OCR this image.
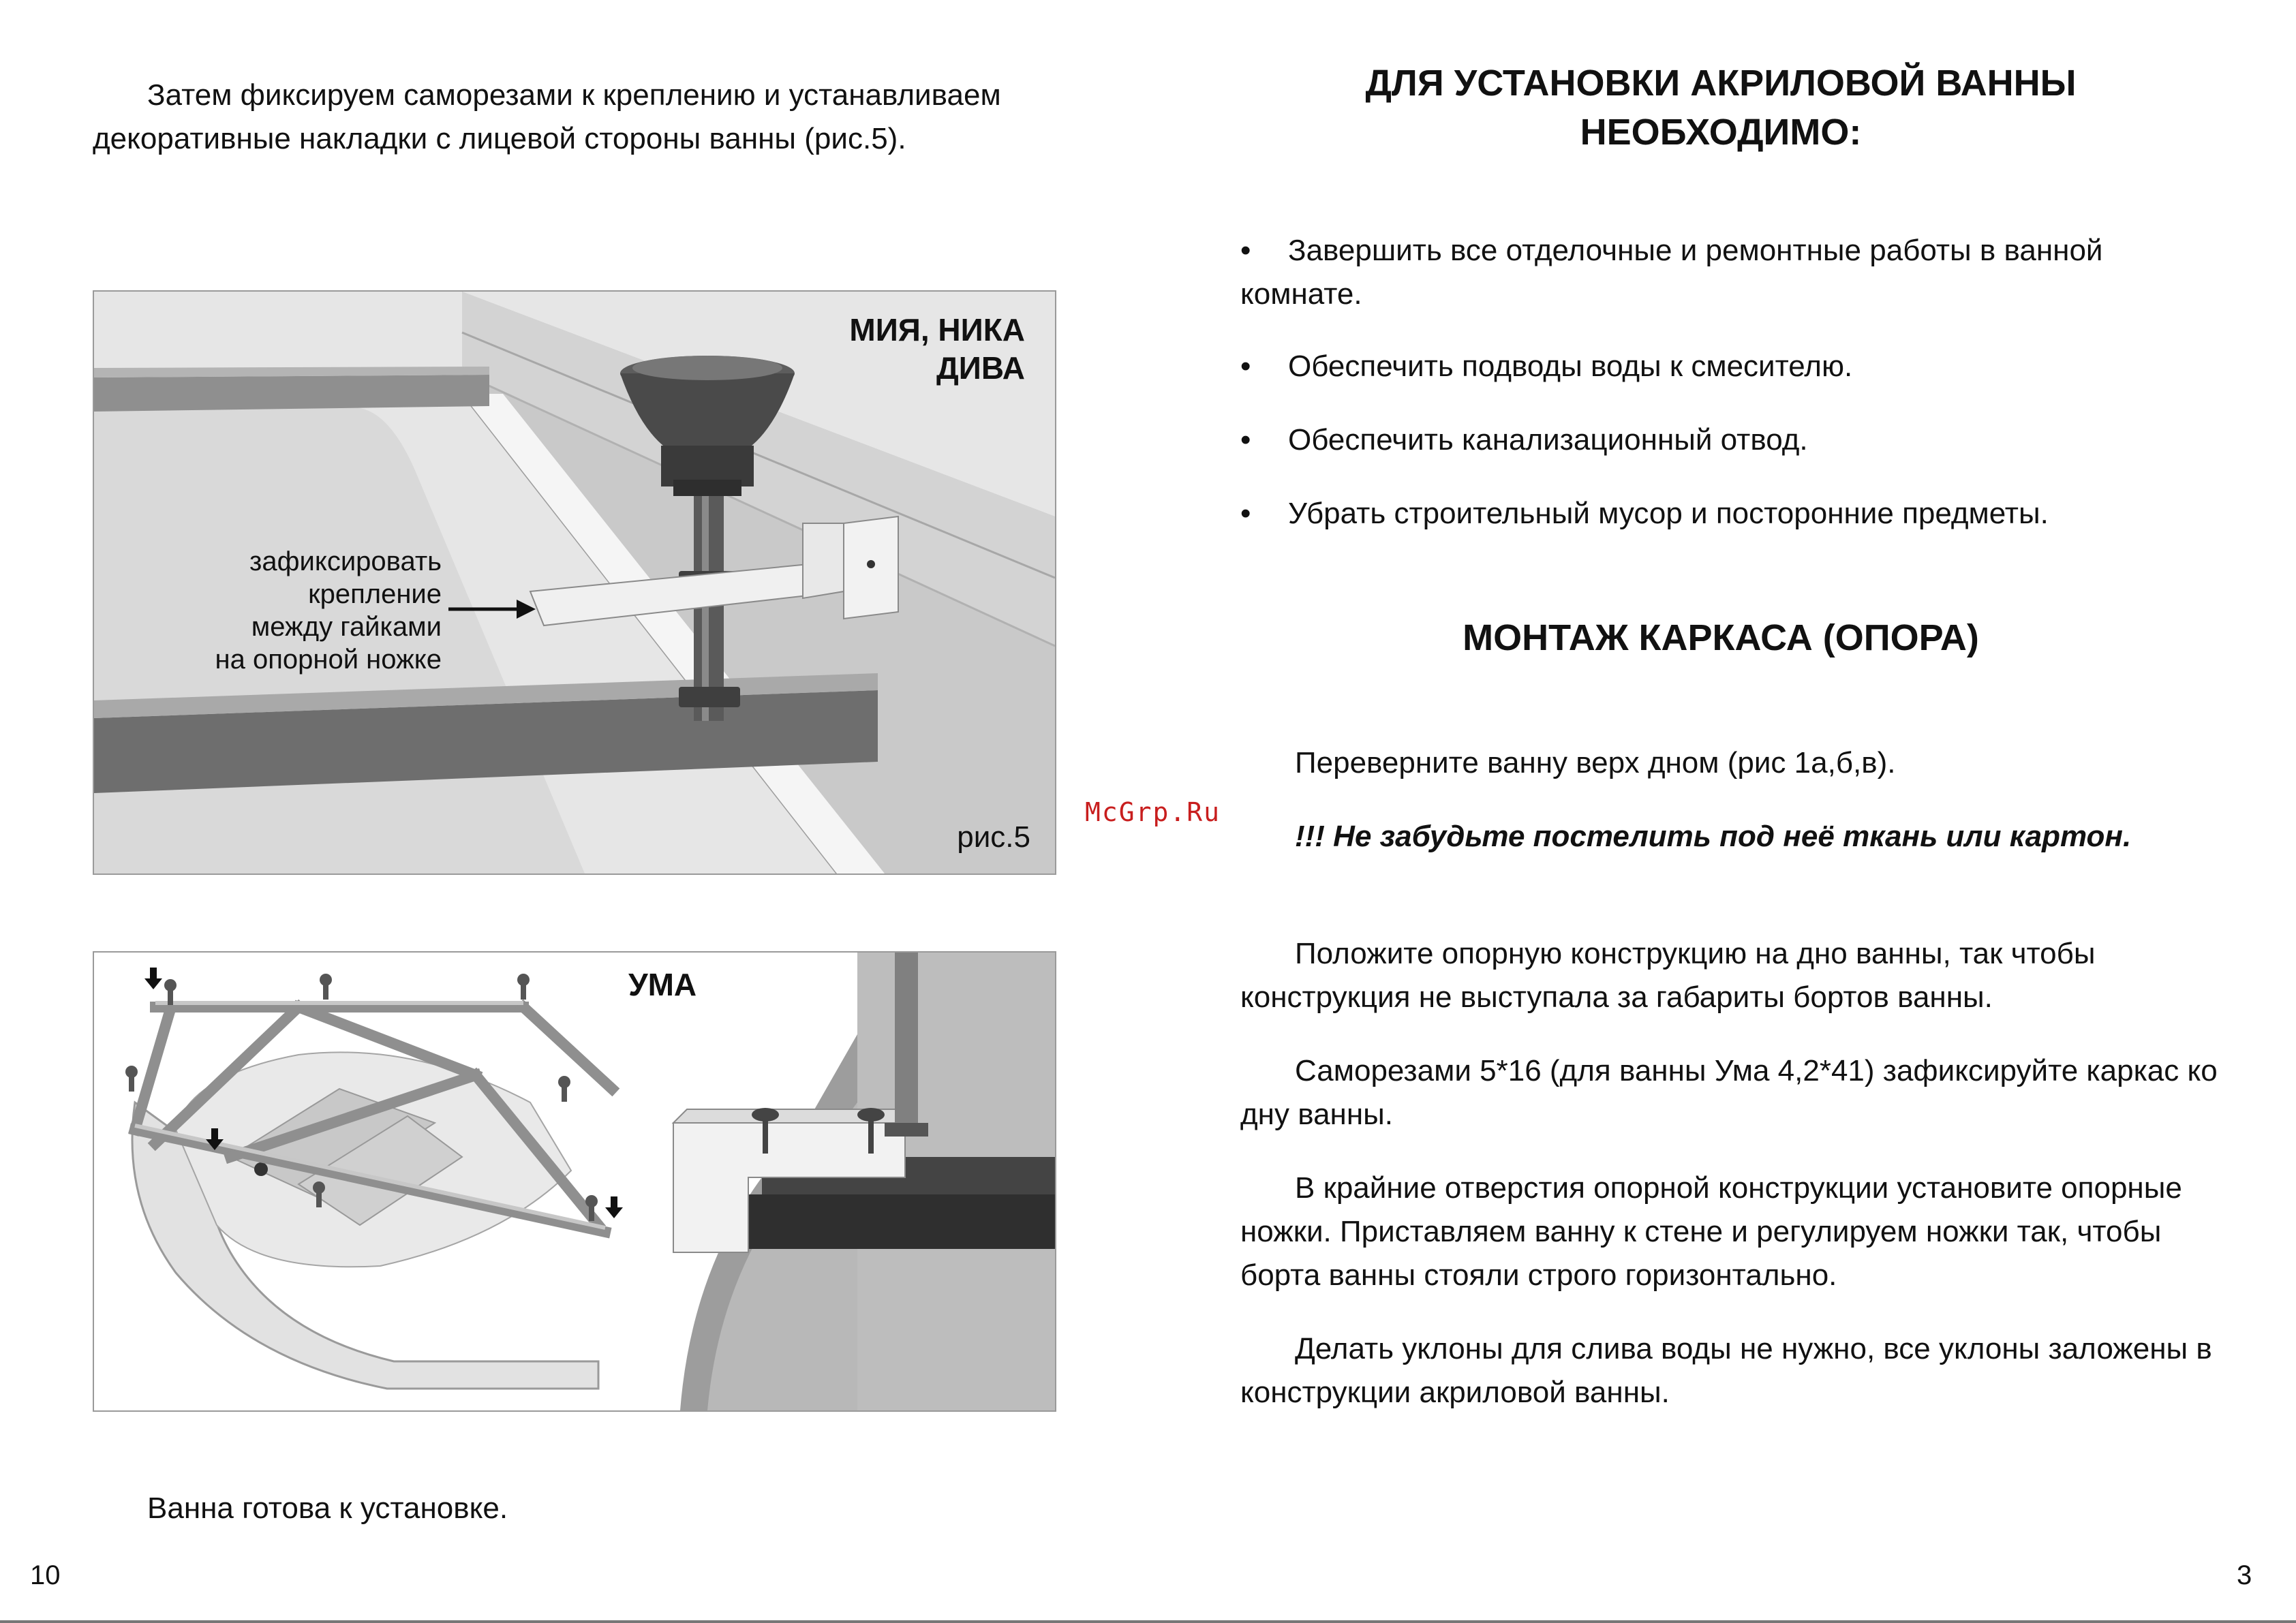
Затем фиксируем саморезами к креплению и устанавливаем декоративные накладки с лицевой стороны ванны (рис.5).
МИЯ, НИКА
ДИВА
зафиксировать
крепление
между гайками
на опорной ножке
рис.5
УМА
Ванна готова к установке.
10
McGrp.Ru
ДЛЯ УСТАНОВКИ АКРИЛОВОЙ ВАННЫ
НЕОБХОДИМО:
•	Завершить все отделочные и ремонтные работы в ванной комнате.
•	Обеспечить подводы воды к смесителю.
•	Обеспечить канализационный отвод.
•	Убрать строительный мусор и посторонние предметы.
МОНТАЖ КАРКАСА (ОПОРА)
Переверните ванну верх дном (рис 1а,б,в).
!!! Не забудьте постелить под неё ткань или картон.
Положите опорную конструкцию на дно ванны, так чтобы конструкция не выступала за габариты бортов ванны.
Саморезами 5*16 (для ванны Ума 4,2*41) зафиксируйте каркас ко дну ванны.
В крайние отверстия опорной конструкции установите опорные ножки. Приставляем ванну к стене и регулируем ножки так, чтобы борта ванны стояли строго горизонтально.
Делать уклоны для слива воды не нужно, все уклоны заложены в конструкции акриловой ванны.
3
